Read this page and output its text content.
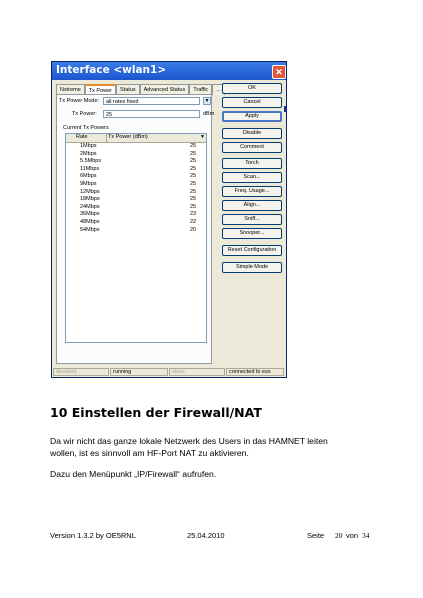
Interface <wlan1>	✕
Nstreme	Tx Power	Status	Advanced Status	Traffic	...
Tx Power Mode:	all rates fixed	▼
Tx Power:	25	dBm
Current Tx Powers
Rate	Tx Power (dBm)	▼
1Mbps	25
2Mbps	25
5.5Mbps	25
11Mbps	25
6Mbps	25
9Mbps	25
12Mbps	25
18Mbps	25
24Mbps	25
36Mbps	23
48Mbps	22
54Mbps	20
OK
Cancel
Apply
Disable
Comment
Torch
Scan...
Freq. Usage...
Align...
Sniff...
Snooper...
Reset Configuration
Simple Mode
disabled	running	slave	connected to ess
10 Einstellen der Firewall/NAT
Da wir nicht das ganze lokale Netzwerk des Users in das HAMNET leiten
wollen, ist es sinnvoll am HF-Port NAT zu aktivieren.
Dazu den Menüpunkt „IP/Firewall“ aufrufen.
Version 1.3.2 by OE5RNL	25.04.2010	Seite 20 von 34
